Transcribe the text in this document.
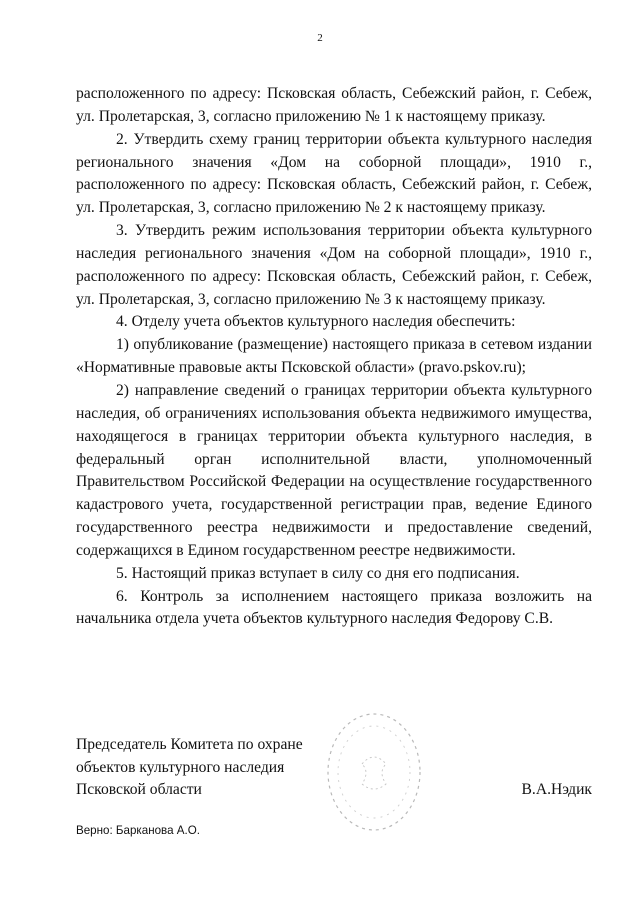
2
расположенного по адресу: Псковская область, Себежский район, г. Себеж, ул. Пролетарская, 3, согласно приложению № 1 к настоящему приказу.
2. Утвердить схему границ территории объекта культурного наследия регионального значения «Дом на соборной площади», 1910 г., расположенного по адресу: Псковская область, Себежский район, г. Себеж, ул. Пролетарская, 3, согласно приложению № 2 к настоящему приказу.
3. Утвердить режим использования территории объекта культурного наследия регионального значения «Дом на соборной площади», 1910 г., расположенного по адресу: Псковская область, Себежский район, г. Себеж, ул. Пролетарская, 3, согласно приложению № 3 к настоящему приказу.
4. Отделу учета объектов культурного наследия обеспечить:
1) опубликование (размещение) настоящего приказа в сетевом издании «Нормативные правовые акты Псковской области» (pravo.pskov.ru);
2) направление сведений о границах территории объекта культурного наследия, об ограничениях использования объекта недвижимого имущества, находящегося в границах территории объекта культурного наследия, в федеральный орган исполнительной власти, уполномоченный Правительством Российской Федерации на осуществление государственного кадастрового учета, государственной регистрации прав, ведение Единого государственного реестра недвижимости и предоставление сведений, содержащихся в Едином государственном реестре недвижимости.
5. Настоящий приказ вступает в силу со дня его подписания.
6. Контроль за исполнением настоящего приказа возложить на начальника отдела учета объектов культурного наследия Федорову С.В.
Председатель Комитета по охране
объектов культурного наследия
Псковской области	В.А.Нэдик
Верно: Барканова А.О.
